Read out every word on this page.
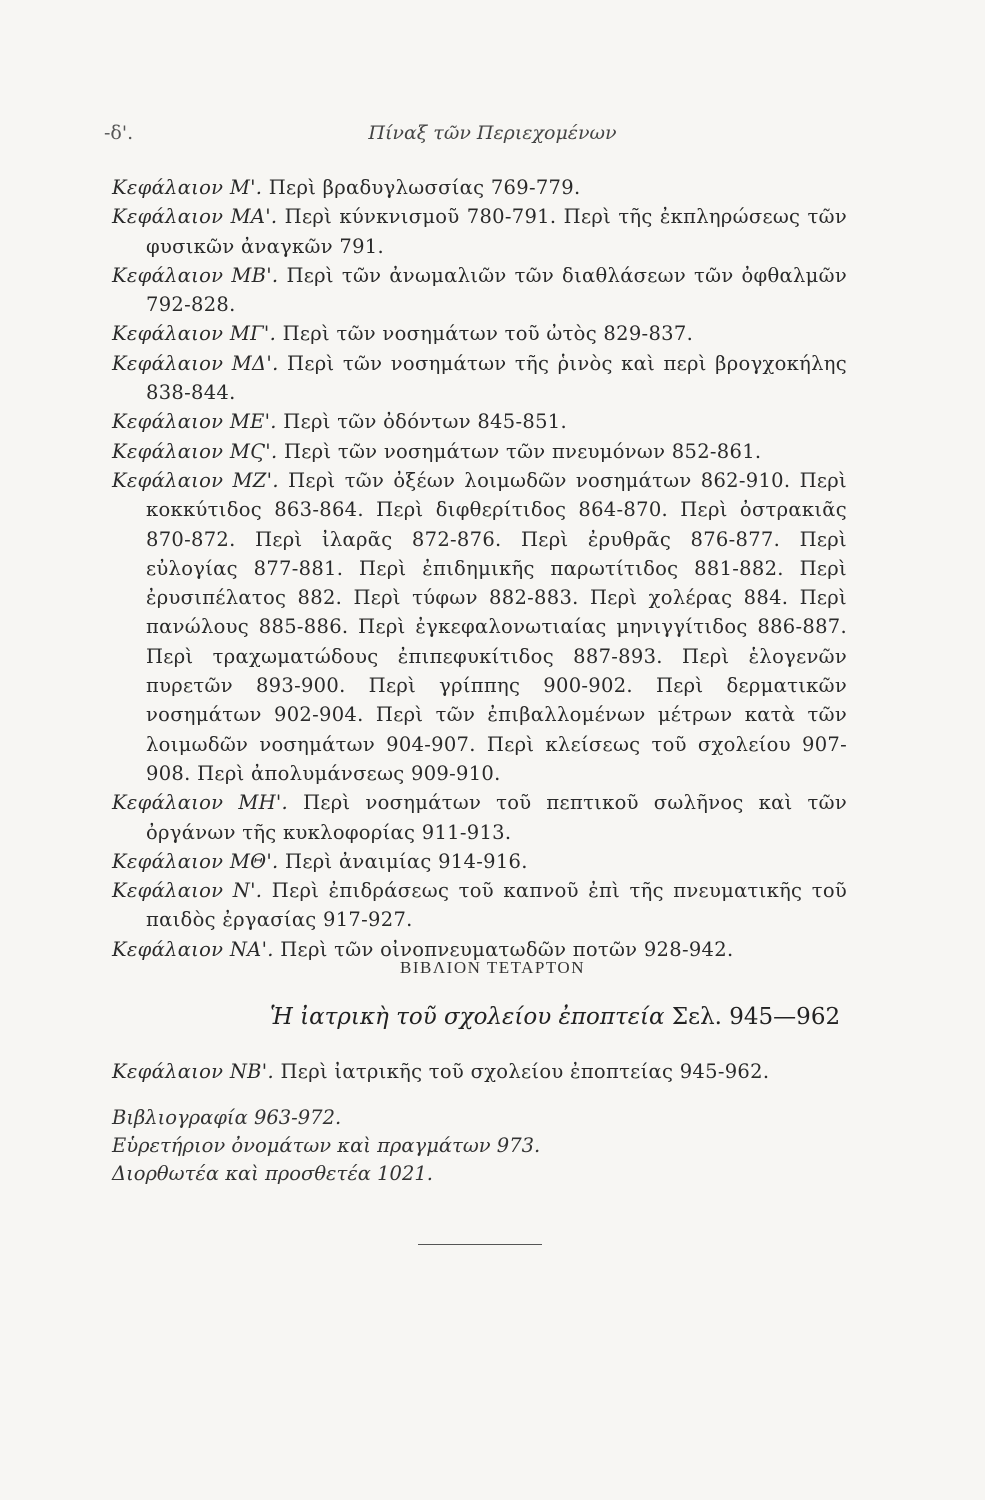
-δ'.	Πίναξ τῶν Περιεχομένων

Κεφάλαιον Μ'. Περὶ βραδυγλωσσίας 769-779.

Κεφάλαιον ΜΑ'. Περὶ κύνκνισμοῦ 780-791. Περὶ τῆς ἐκπληρώσεως τῶν φυσικῶν ἀναγκῶν 791.

Κεφάλαιον ΜΒ'. Περὶ τῶν ἀνωμαλιῶν τῶν διαθλάσεων τῶν ὀφθαλμῶν 792-828.

Κεφάλαιον ΜΓ'. Περὶ τῶν νοσημάτων τοῦ ὠτὸς 829-837.

Κεφάλαιον ΜΔ'. Περὶ τῶν νοσημάτων τῆς ῥινὸς καὶ περὶ βρογχοκήλης 838-844.

Κεφάλαιον ΜΕ'. Περὶ τῶν ὀδόντων 845-851.

Κεφάλαιον ΜϚ'. Περὶ τῶν νοσημάτων τῶν πνευμόνων 852-861.

Κεφάλαιον ΜΖ'. Περὶ τῶν ὀξέων λοιμωδῶν νοσημάτων 862-910. Περὶ κοκκύτιδος 863-864. Περὶ διφθερίτιδος 864-870. Περὶ ὀστρακιᾶς 870-872. Περὶ ἰλαρᾶς 872-876. Περὶ ἐρυθρᾶς 876-877. Περὶ εὐλογίας 877-881. Περὶ ἐπιδημικῆς παρωτίτιδος 881-882. Περὶ ἐρυσιπέλατος 882. Περὶ τύφων 882-883. Περὶ χολέρας 884. Περὶ πανώλους 885-886. Περὶ ἐγκεφαλονωτιαίας μηνιγγίτιδος 886-887. Περὶ τραχωματώδους ἐπιπεφυκίτιδος 887-893. Περὶ ἑλογενῶν πυρετῶν 893-900. Περὶ γρίππης 900-902. Περὶ δερματικῶν νοσημάτων 902-904. Περὶ τῶν ἐπιβαλλομένων μέτρων κατὰ τῶν λοιμωδῶν νοσημάτων 904-907. Περὶ κλείσεως τοῦ σχολείου 907-908. Περὶ ἀπολυμάνσεως 909-910.

Κεφάλαιον ΜΗ'. Περὶ νοσημάτων τοῦ πεπτικοῦ σωλῆνος καὶ τῶν ὀργάνων τῆς κυκλοφορίας 911-913.

Κεφάλαιον ΜΘ'. Περὶ ἀναιμίας 914-916.

Κεφάλαιον Ν'. Περὶ ἐπιδράσεως τοῦ καπνοῦ ἐπὶ τῆς πνευματικῆς τοῦ παιδὸς ἐργασίας 917-927.

Κεφάλαιον ΝΑ'. Περὶ τῶν οἰνοπνευματωδῶν ποτῶν 928-942.

ΒΙΒΛΙΟΝ ΤΕΤΑΡΤΟΝ
Ἡ ἰατρικὴ τοῦ σχολείου ἐποπτεία Σελ. 945—962

Κεφάλαιον ΝΒ'. Περὶ ἰατρικῆς τοῦ σχολείου ἐποπτείας 945-962.

Βιβλιογραφία 963-972.
Εὑρετήριον ὀνομάτων καὶ πραγμάτων 973.
Διορθωτέα καὶ προσθετέα 1021.
